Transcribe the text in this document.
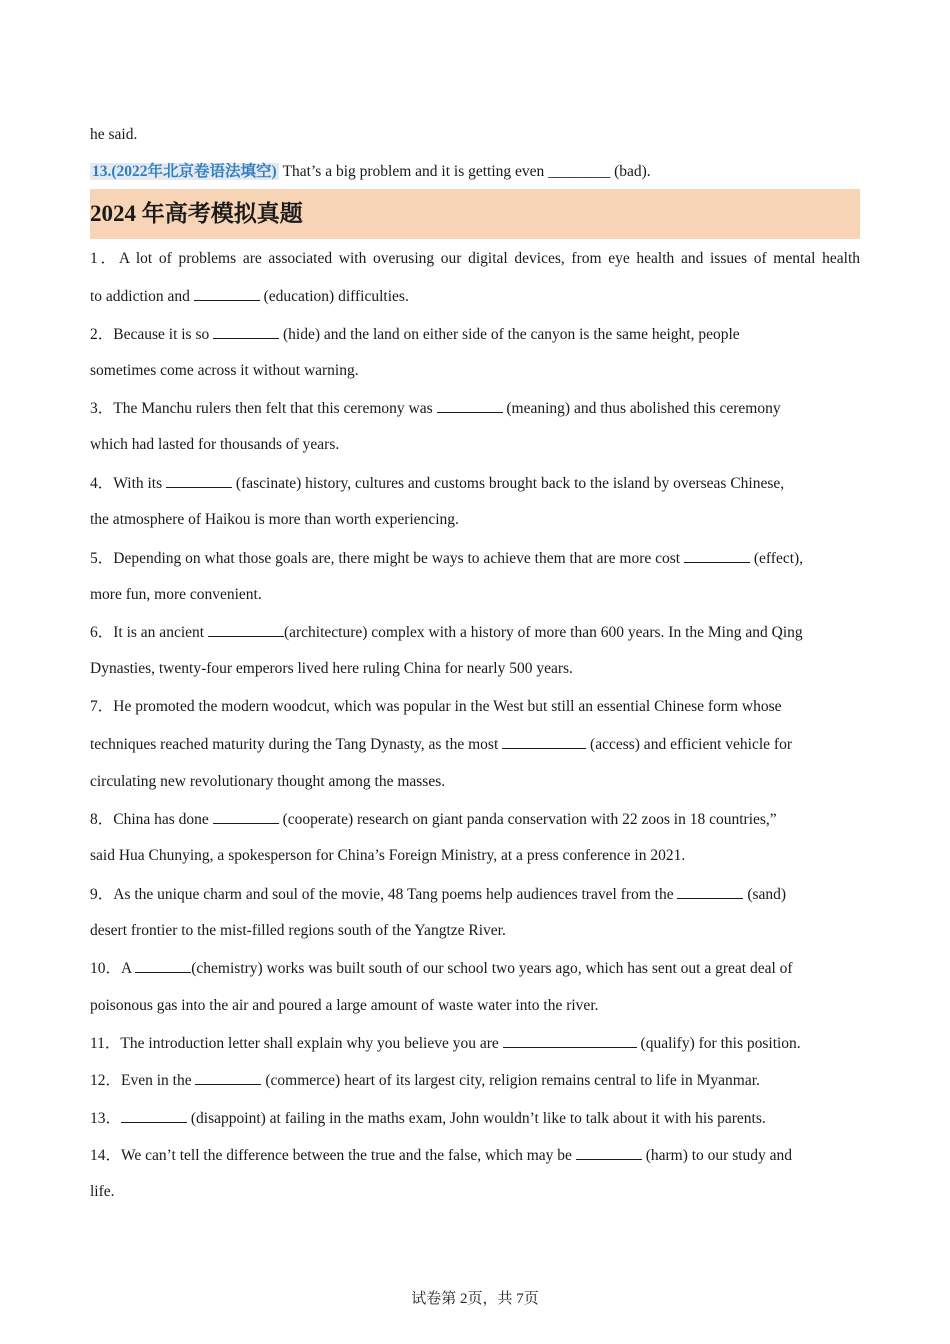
he said.
13.(2022年北京卷语法填空) That’s a big problem and it is getting even ________ (bad).
2024 年高考模拟真题
1．A lot of problems are associated with overusing our digital devices, from eye health and issues of mental health
to addiction and	(education) difficulties.
2．Because it is so	(hide) and the land on either side of the canyon is the same height, people
sometimes come across it without warning.
3．The Manchu rulers then felt that this ceremony was	(meaning) and thus abolished this ceremony
which had lasted for thousands of years.
4．With its	(fascinate) history, cultures and customs brought back to the island by overseas Chinese,
the atmosphere of Haikou is more than worth experiencing.
5．Depending on what those goals are, there might be ways to achieve them that are more cost	(effect),
more fun, more convenient.
6．It is an ancient	(architecture) complex with a history of more than 600 years. In the Ming and Qing
Dynasties, twenty-four emperors lived here ruling China for nearly 500 years.
7．He promoted the modern woodcut, which was popular in the West but still an essential Chinese form whose
techniques reached maturity during the Tang Dynasty, as the most	(access) and efficient vehicle for
circulating new revolutionary thought among the masses.
8．China has done	(cooperate) research on giant panda conservation with 22 zoos in 18 countries,”
said Hua Chunying, a spokesperson for China’s Foreign Ministry, at a press conference in 2021.
9．As the unique charm and soul of the movie, 48 Tang poems help audiences travel from the	(sand)
desert frontier to the mist-filled regions south of the Yangtze River.
10．A	(chemistry) works was built south of our school two years ago, which has sent out a great deal of
poisonous gas into the air and poured a large amount of waste water into the river.
11．The introduction letter shall explain why you believe you are	(qualify) for this position.
12．Even in the	(commerce) heart of its largest city, religion remains central to life in Myanmar.
13．	(disappoint) at failing in the maths exam, John wouldn’t like to talk about it with his parents.
14．We can’t tell the difference between the true and the false, which may be	(harm) to our study and
life.
试卷第 2页，共 7页
